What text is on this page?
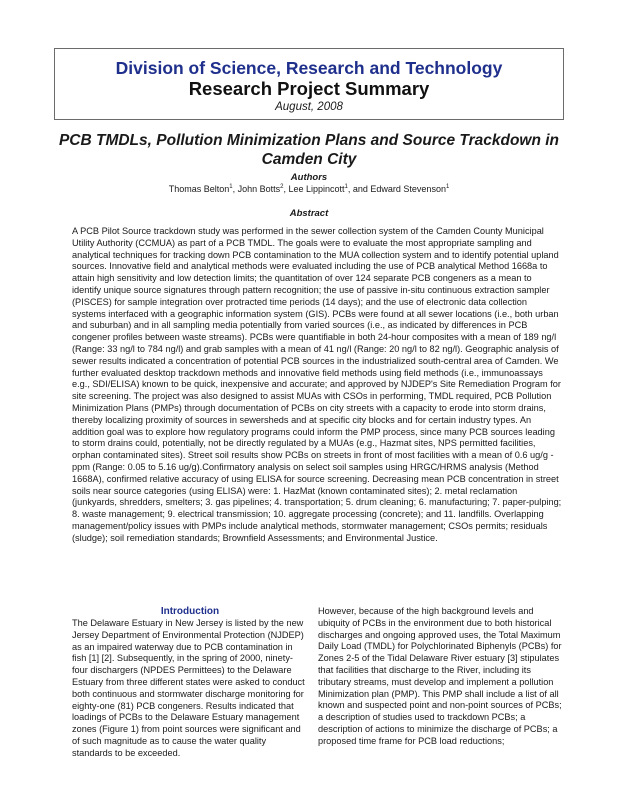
Division of Science, Research and Technology
Research Project Summary
August, 2008
PCB TMDLs, Pollution Minimization Plans and Source Trackdown in Camden City
Authors
Thomas Belton$^1$, John Botts$^2$, Lee Lippincott$^1$, and Edward Stevenson$^1$
Abstract
A PCB Pilot Source trackdown study was performed in the sewer collection system of the Camden County Municipal Utility Authority (CCMUA) as part of a PCB TMDL. The goals were to evaluate the most appropriate sampling and analytical techniques for tracking down PCB contamination to the MUA collection system and to identify potential upland sources. Innovative field and analytical methods were evaluated including the use of PCB analytical Method 1668a to attain high sensitivity and low detection limits; the quantitation of over 124 separate PCB congeners as a mean to identify unique source signatures through pattern recognition; the use of passive in-situ continuous extraction sampler (PISCES) for sample integration over protracted time periods (14 days); and the use of electronic data collection systems interfaced with a geographic information system (GIS). PCBs were found at all sewer locations (i.e., both urban and suburban) and in all sampling media potentially from varied sources (i.e., as indicated by differences in PCB congener profiles between waste streams). PCBs were quantifiable in both 24-hour composites with a mean of 189 ng/l (Range: 33 ng/l to 784 ng/l) and grab samples with a mean of 41 ng/l (Range: 20 ng/l to 82 ng/l). Geographic analysis of sewer results indicated a concentration of potential PCB sources in the industrialized south-central area of Camden. We further evaluated desktop trackdown methods and innovative field methods using field methods (i.e., immunoassays e.g., SDI/ELISA) known to be quick, inexpensive and accurate; and approved by NJDEP's Site Remediation Program for site screening. The project was also designed to assist MUAs with CSOs in performing, TMDL required, PCB Pollution Minimization Plans (PMPs) through documentation of PCBs on city streets with a capacity to erode into storm drains, thereby localizing proximity of sources in sewersheds and at specific city blocks and for certain industry types. An addition goal was to explore how regulatory programs could inform the PMP process, since many PCB sources leading to storm drains could, potentially, not be directly regulated by a MUAs (e.g., Hazmat sites, NPS permitted facilities, orphan contaminated sites). Street soil results show PCBs on streets in front of most facilities with a mean of 0.6 ug/g - ppm (Range: 0.05 to 5.16 ug/g).Confirmatory analysis on select soil samples using HRGC/HRMS analysis (Method 1668A), confirmed relative accuracy of using ELISA for source screening. Decreasing mean PCB concentration in street soils near source categories (using ELISA) were: 1. HazMat (known contaminated sites); 2. metal reclamation (junkyards, shredders, smelters; 3. gas pipelines; 4. transportation; 5. drum cleaning; 6. manufacturing; 7. paper-pulping; 8. waste management; 9. electrical transmission; 10. aggregate processing (concrete); and 11. landfills. Overlapping management/policy issues with PMPs include analytical methods, stormwater management; CSOs permits; residuals (sludge); soil remediation standards; Brownfield Assessments; and Environmental Justice.
Introduction
The Delaware Estuary in New Jersey is listed by the new Jersey Department of Environmental Protection (NJDEP) as an impaired waterway due to PCB contamination in fish [1] [2]. Subsequently, in the spring of 2000, ninety-four dischargers (NPDES Permittees) to the Delaware Estuary from three different states were asked to conduct both continuous and stormwater discharge monitoring for eighty-one (81) PCB congeners. Results indicated that loadings of PCBs to the Delaware Estuary management zones (Figure 1) from point sources were significant and of such magnitude as to cause the water quality standards to be exceeded.
However, because of the high background levels and ubiquity of PCBs in the environment due to both historical discharges and ongoing approved uses, the Total Maximum Daily Load (TMDL) for Polychlorinated Biphenyls (PCBs) for Zones 2-5 of the Tidal Delaware River estuary [3] stipulates that facilities that discharge to the River, including its tributary streams, must develop and implement a pollution Minimization plan (PMP). This PMP shall include a list of all known and suspected point and non-point sources of PCBs; a description of studies used to trackdown PCBs; a description of actions to minimize the discharge of PCBs; a proposed time frame for PCB load reductions;
